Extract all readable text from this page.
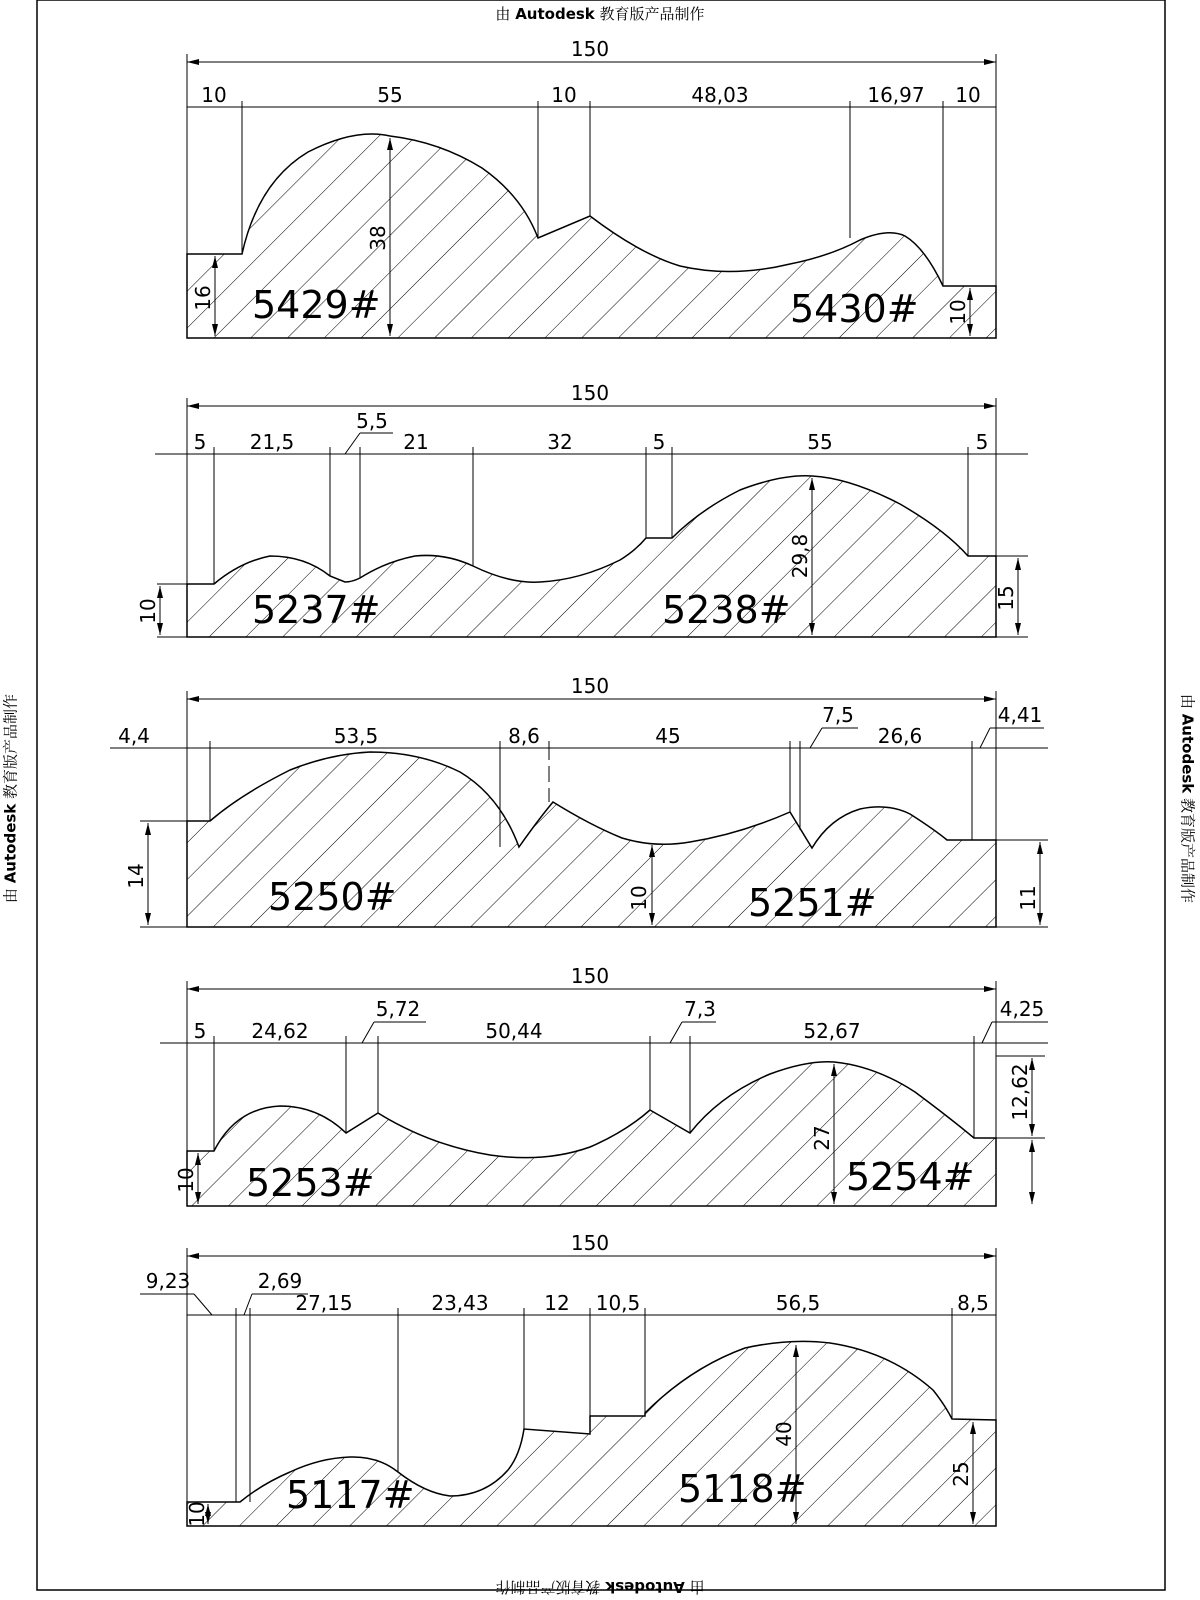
由 Autodesk 教育版产品制作
由 Autodesk 教育版产品制作
由 Autodesk 教育版产品制作	由 Autodesk 教育版产品制作
150
10	55	10	48,03	16,97 10
16
38
10
5429#	5430#
150
5 21,5
5,5
21	32	5	55	5
10
29,8
15
5237#	5238#
150
4,4	53,5	8,6	45
7,5
26,6
4,41
14
10	11
5250#	5251#
150
5 24,62
5,72
50,44
7,3
52,67
4,25
10
27
12,62
5253#	5254#
150
9,23	2,69
27,15	23,43	12 10,5	56,5	8,5
10
40
25
5117#	5118#
